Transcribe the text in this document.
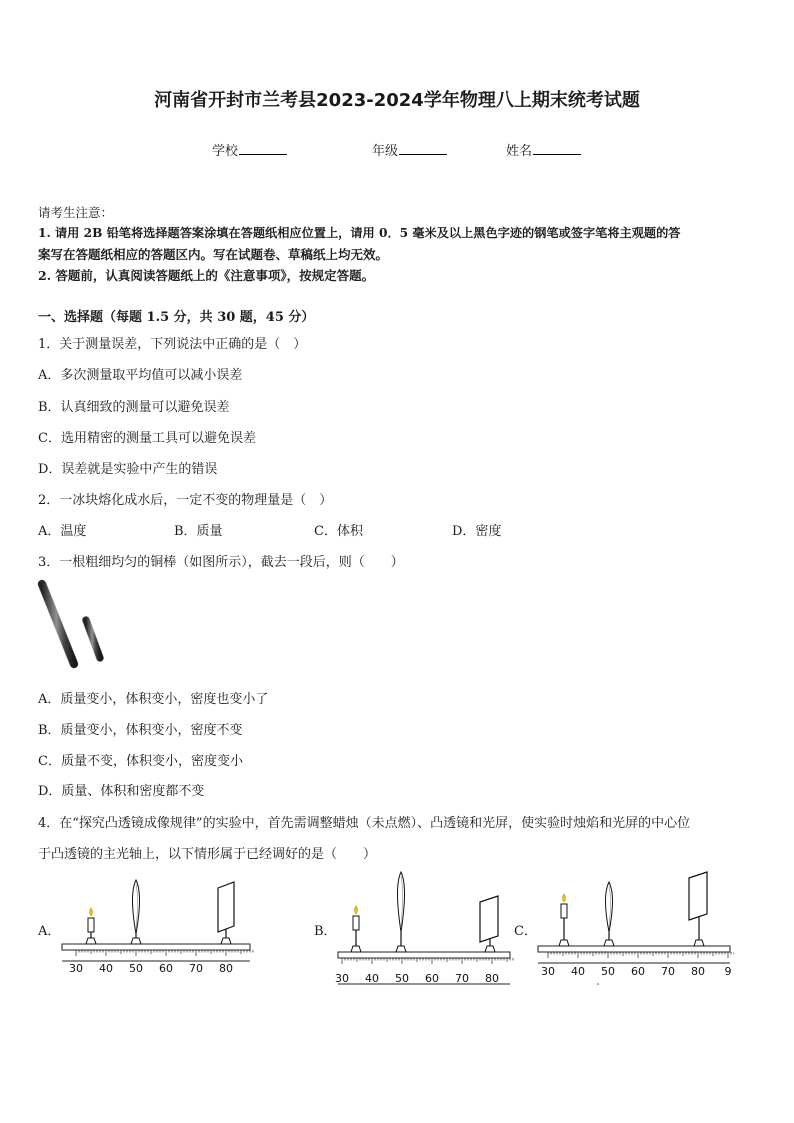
河南省开封市兰考县2023-2024学年物理八上期末统考试题
学校	年级	姓名
请考生注意：
1. 请用 2B 铅笔将选择题答案涂填在答题纸相应位置上，请用 0．5 毫米及以上黑色字迹的钢笔或签字笔将主观题的答
案写在答题纸相应的答题区内。写在试题卷、草稿纸上均无效。
2. 答题前，认真阅读答题纸上的《注意事项》，按规定答题。
一、选择题（每题 1.5 分，共 30 题，45 分）
1．关于测量误差，下列说法中正确的是（　）
A．多次测量取平均值可以减小误差
B．认真细致的测量可以避免误差
C．选用精密的测量工具可以避免误差
D．误差就是实验中产生的错误
2．一冰块熔化成水后，一定不变的物理量是（　）
A．温度	B．质量	C．体积	D．密度
3．一根粗细均匀的铜棒（如图所示），截去一段后，则（　　）
A．质量变小，体积变小，密度也变小了
B．质量变小，体积变小，密度不变
C．质量不变，体积变小，密度变小
D．质量、体积和密度都不变
4．在“探究凸透镜成像规律”的实验中，首先需调整蜡烛（未点燃）、凸透镜和光屏，使实验时烛焰和光屏的中心位
于凸透镜的主光轴上，以下情形属于已经调好的是（　　）
A．	B．	C．
30 40 50 60 70 80
30 40 50 60 70 80
30 40 50 60 70 80 9
